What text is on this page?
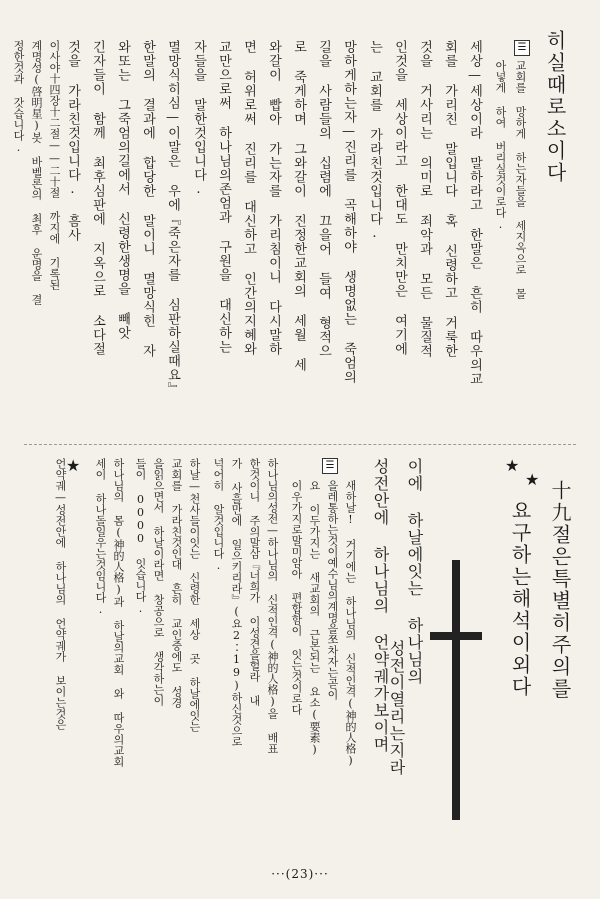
히실때로소이다
☰
교회를 망하게 하는자들을 세지옥으로 몰
아넣게 하여 버리실것이로다.
세상—세상이라 말하라고 한말은 흔히 따우의교
회를 가리친 말입니다 혹 신령하고 거룩한
것을 거사리는 의미로 죄악과 모든 물질적
인것을 세상이라고 한대도 만치만은 여기에
는 교회를 가라친것입니다.
망하게하는자—진리를 곡해하야 생명없는 죽엄의
길을 사람들의 십렴에 끄을어 들여 형적으
로 죽게하며 그와갈이 진정한교회의 세월 세
와갈이 빱아 가는자를 가리침이니 다시말하
면 허위로써 진리를 대신하고 인간의지혜와
교만으로써 하나님의존엄과 구원을 대신하는
자들을 말한것입니다.
멸망식히심—이말은 우에『죽은자를 심판하실때요』
한말의 결과에 합당한 말이니 멸망식힌 자
와또는 그죽엄의길에서 신령한생명을 빼앗
긴자들이 함께 최후심판에 지옥으로 소다절
것을 가라친것입니다. 흠사
이사야十四장十二절——二十절 까지에 기록된
계명성(啓明星)봇 바벨론의 최후 운명을 결
정한것과 갓습니다.
★
★
十九절은특별히주의를
요구하는해석이외다
이에 하날에잇는 하나님의
성전이열리는지라
성전안에 하나님의 언약궤가보이며
☰
새하날! 거기에는 하나님의 신적인격(神的人格)
을레통하는것이예수님의계명을쪼차자는곧이
요 이두가지는 새교회의 근본되는 요소(要素)
이우가지로말미암아 편합함이 잇는것이로다
하나님의성전—하나님의 신적인격(神的人格)을 배표
한것이니 주의말삼『너희가 이성견을헐라 내
가 사흘만에 일으키리라』(요2∶19)하신것으로
넉어히 알것입니다.
하날—천사들이잇는 신령한 세상 곳 하날에잇는
교회를 가라친것인대 흔히 교인중에도 성경
을읽으면서 하날이라면 창공으로 생각하는이
들이 0000 잇습니다.
하나님의 몸(神的人格)과 하날의교회 와 따우의교회
세이 하나돌일우는것임니다.
★
언약궤—성전안에 하나님의 언약궤가 보이는것은
···(23)···
